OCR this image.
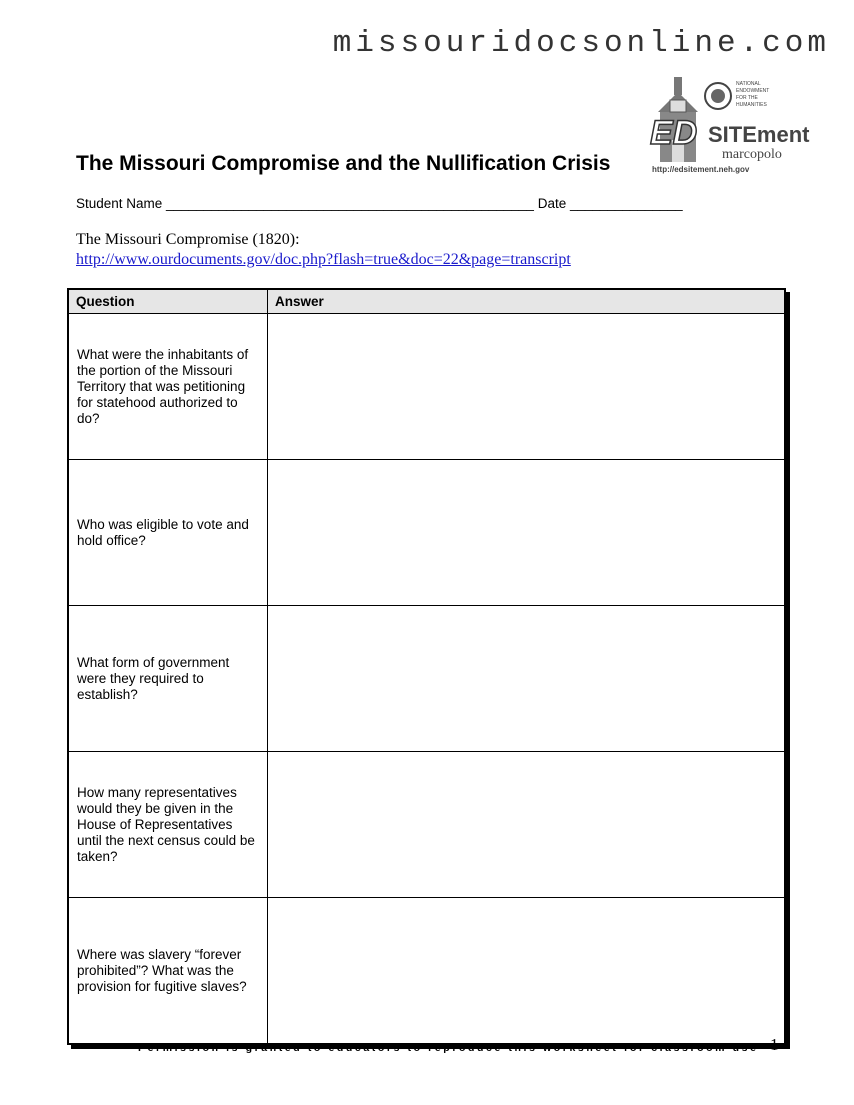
missouridocsonline.com
ED SITEment
marcopolo
http://edsitement.neh.gov
NATIONAL
ENDOWMENT
FOR THE
HUMANITIES
The Missouri Compromise and the Nullification Crisis
Student Name _________________________________________________ Date _______________
The Missouri Compromise (1820):
http://www.ourdocuments.gov/doc.php?flash=true&doc=22&page=transcript
Question	Answer

What were the inhabitants of the portion of the Missouri Territory that was petitioning for statehood authorized to do?	

Who was eligible to vote and hold office?	

What form of government were they required to establish?	

How many representatives would they be given in the House of Representatives until the next census could be taken?	

Where was slavery “forever prohibited”? What was the provision for fugitive slaves?	

Permission is granted to educators to reproduce this worksheet for classroom use 1
